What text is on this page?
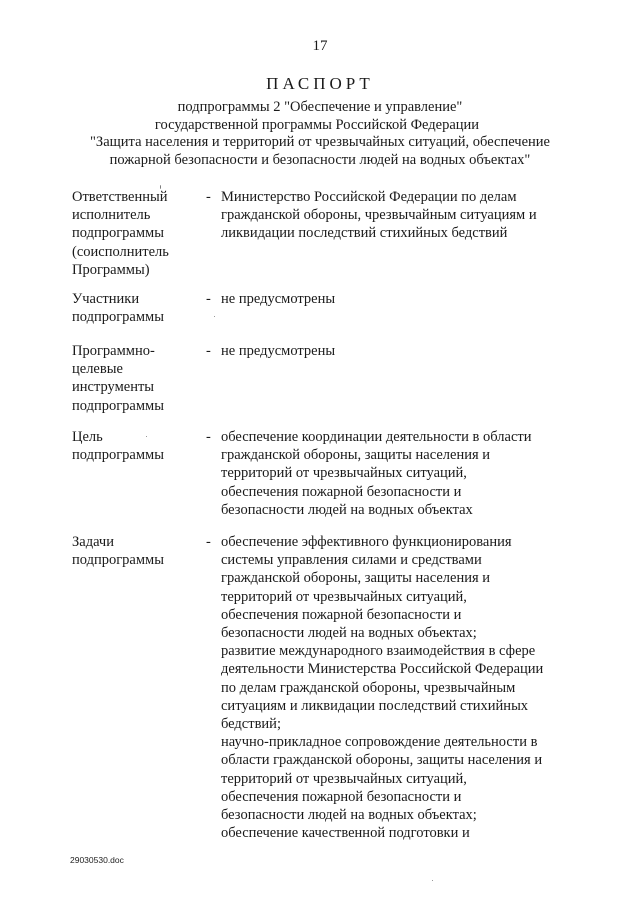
17
ПАСПОРТ
подпрограммы 2 "Обеспечение и управление"
государственной программы Российской Федерации
"Защита населения и территорий от чрезвычайных ситуаций, обеспечение
пожарной безопасности и безопасности людей на водных объектах"
Ответственный
исполнитель
подпрограммы
(соисполнитель
Программы)
- Министерство Российской Федерации по делам
гражданской обороны, чрезвычайным ситуациям и
ликвидации последствий стихийных бедствий
Участники
подпрограммы
- не предусмотрены
Программно-
целевые
инструменты
подпрограммы
- не предусмотрены
Цель
подпрограммы
- обеспечение координации деятельности в области
гражданской обороны, защиты населения и
территорий от чрезвычайных ситуаций,
обеспечения пожарной безопасности и
безопасности людей на водных объектах
Задачи
подпрограммы
- обеспечение эффективного функционирования
системы управления силами и средствами
гражданской обороны, защиты населения и
территорий от чрезвычайных ситуаций,
обеспечения пожарной безопасности и
безопасности людей на водных объектах;
развитие международного взаимодействия в сфере
деятельности Министерства Российской Федерации
по делам гражданской обороны, чрезвычайным
ситуациям и ликвидации последствий стихийных
бедствий;
научно-прикладное сопровождение деятельности в
области гражданской обороны, защиты населения и
территорий от чрезвычайных ситуаций,
обеспечения пожарной безопасности и
безопасности людей на водных объектах;
обеспечение качественной подготовки и
29030530.doc
